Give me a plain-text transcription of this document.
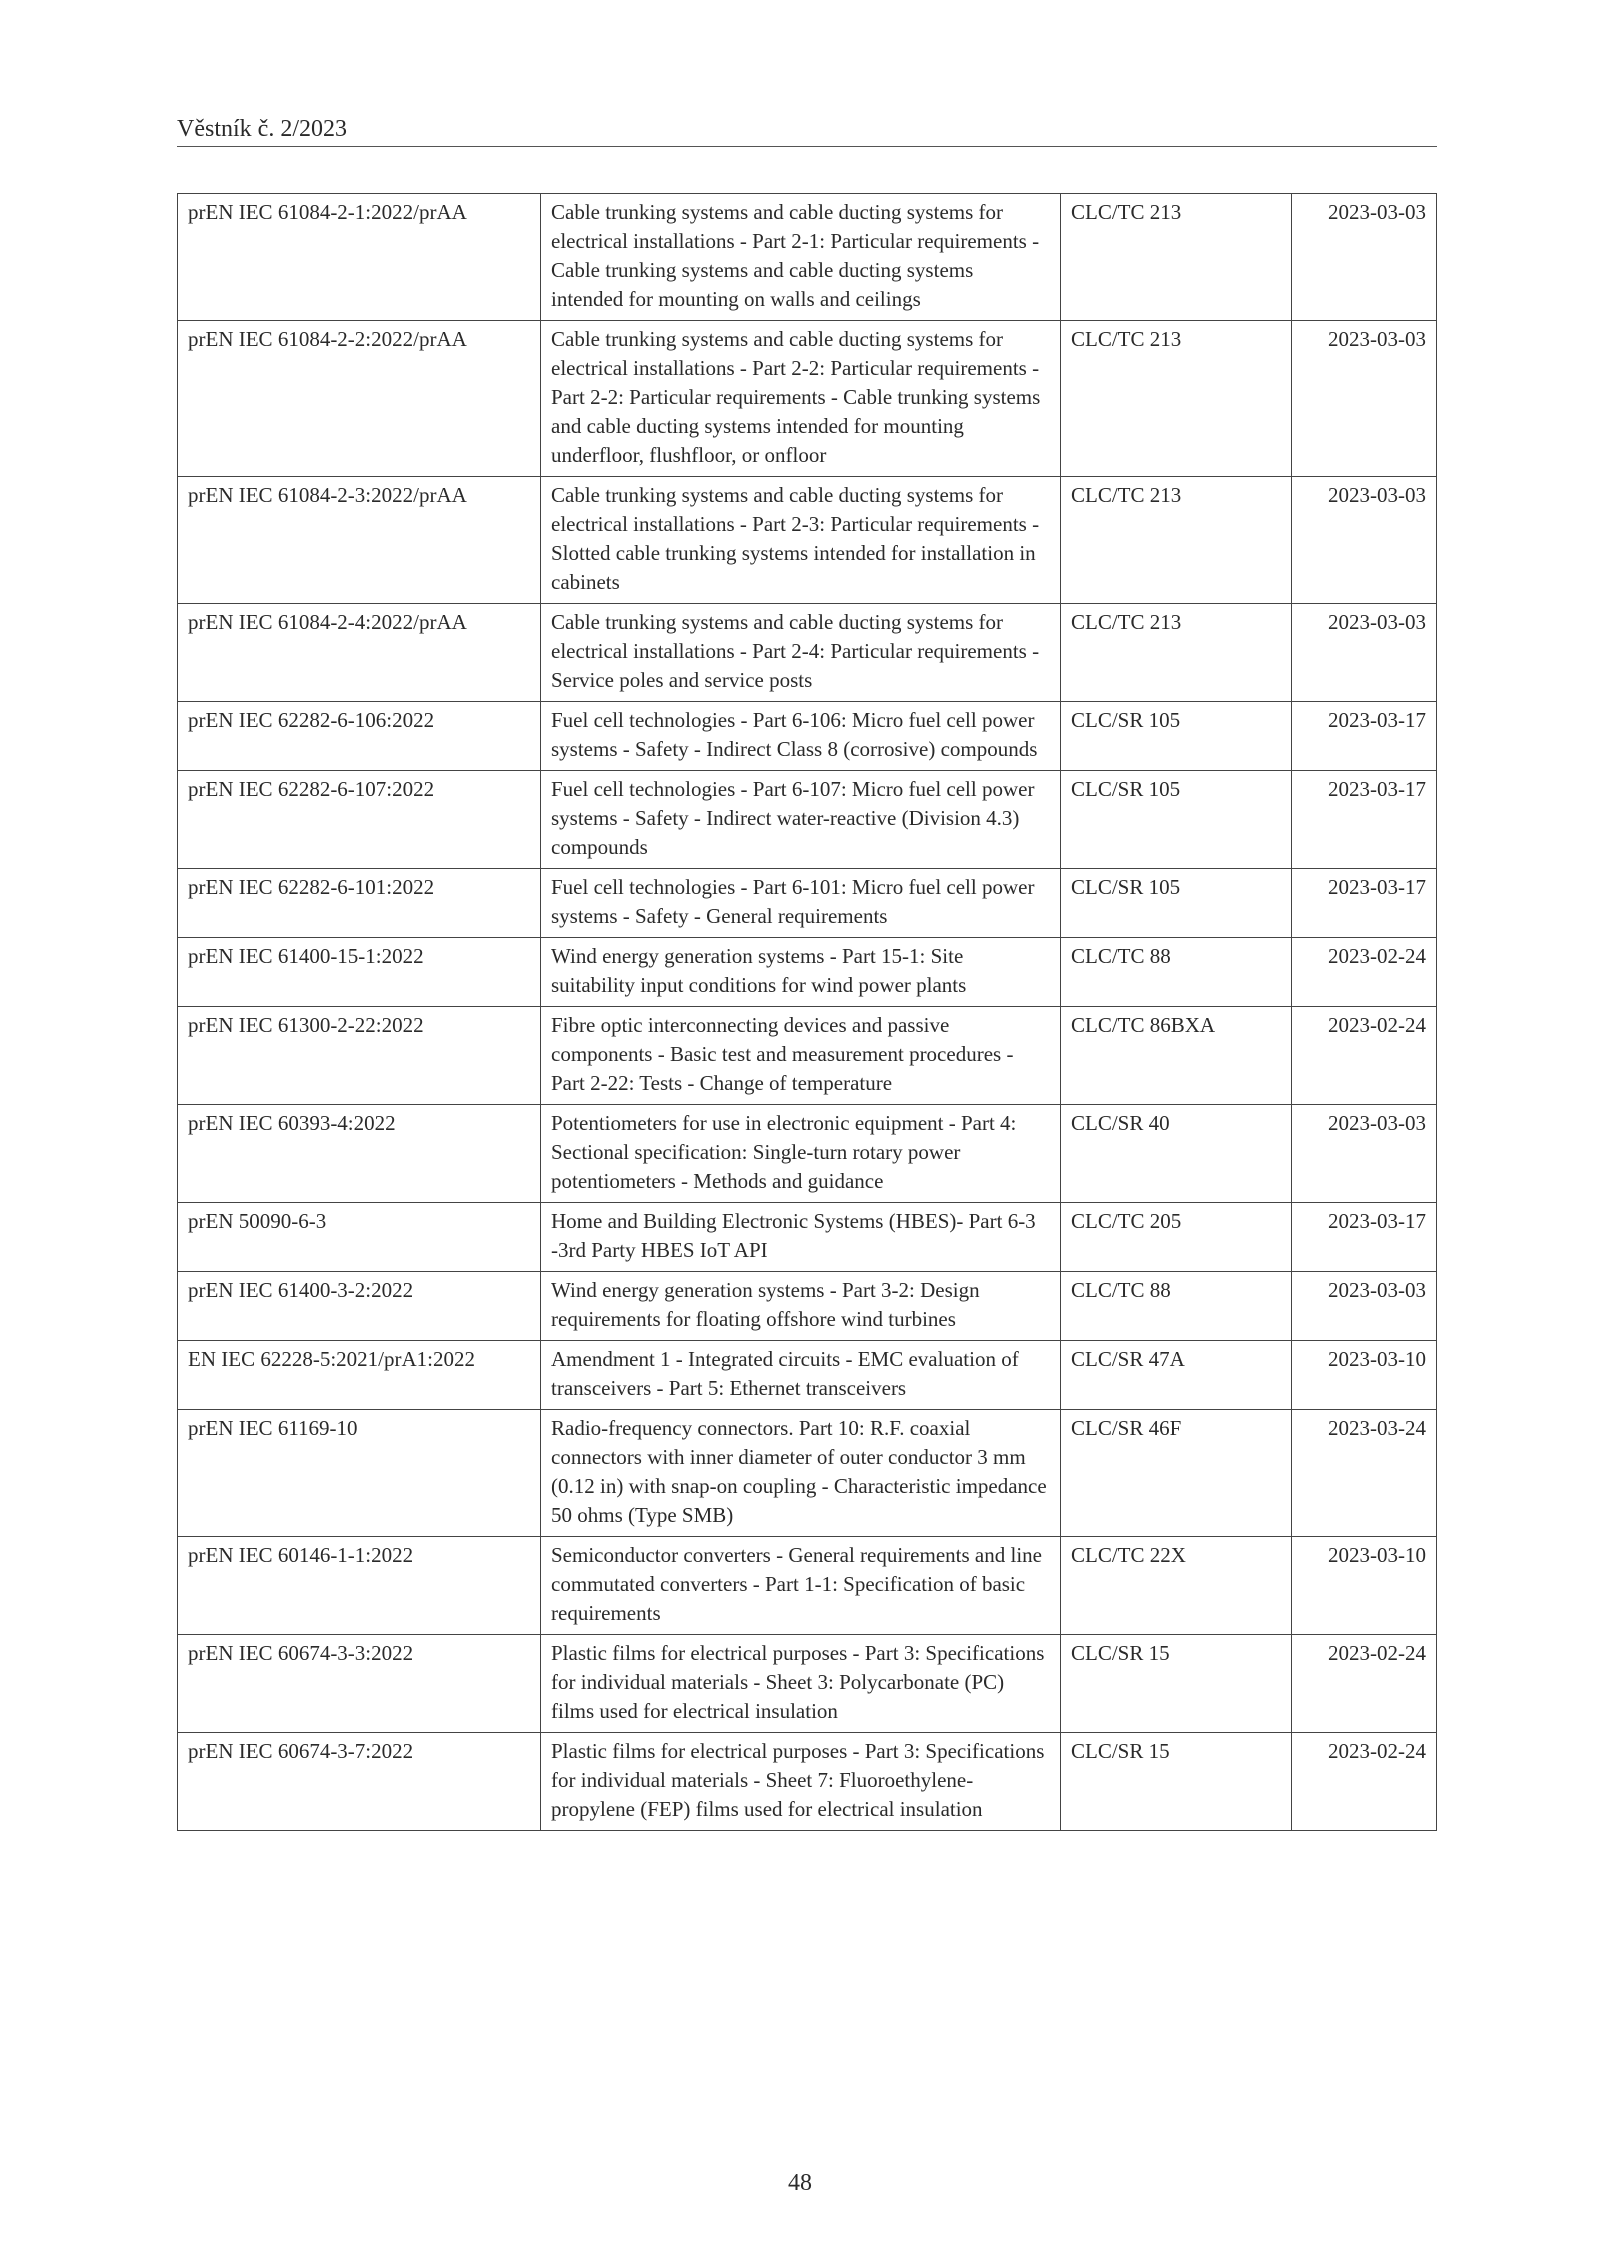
Věstník č. 2/2023
prEN IEC 61084-2-1:2022/prAA	Cable trunking systems and cable ducting systems for electrical installations - Part 2-1: Particular requirements - Cable trunking systems and cable ducting systems intended for mounting on walls and ceilings	CLC/TC 213	2023-03-03
prEN IEC 61084-2-2:2022/prAA	Cable trunking systems and cable ducting systems for electrical installations - Part 2-2: Particular requirements - Part 2-2: Particular requirements - Cable trunking systems and cable ducting systems intended for mounting underfloor, flushfloor, or onfloor	CLC/TC 213	2023-03-03
prEN IEC 61084-2-3:2022/prAA	Cable trunking systems and cable ducting systems for electrical installations - Part 2-3: Particular requirements - Slotted cable trunking systems intended for installation in cabinets	CLC/TC 213	2023-03-03
prEN IEC 61084-2-4:2022/prAA	Cable trunking systems and cable ducting systems for electrical installations - Part 2-4: Particular requirements - Service poles and service posts	CLC/TC 213	2023-03-03
prEN IEC 62282-6-106:2022	Fuel cell technologies - Part 6-106: Micro fuel cell power systems - Safety - Indirect Class 8 (corrosive) compounds	CLC/SR 105	2023-03-17
prEN IEC 62282-6-107:2022	Fuel cell technologies - Part 6-107: Micro fuel cell power systems - Safety - Indirect water-reactive (Division 4.3) compounds	CLC/SR 105	2023-03-17
prEN IEC 62282-6-101:2022	Fuel cell technologies - Part 6-101: Micro fuel cell power systems - Safety - General requirements	CLC/SR 105	2023-03-17
prEN IEC 61400-15-1:2022	Wind energy generation systems - Part 15-1: Site suitability input conditions for wind power plants	CLC/TC 88	2023-02-24
prEN IEC 61300-2-22:2022	Fibre optic interconnecting devices and passive components - Basic test and measurement procedures - Part 2-22: Tests - Change of temperature	CLC/TC 86BXA	2023-02-24
prEN IEC 60393-4:2022	Potentiometers for use in electronic equipment - Part 4: Sectional specification: Single-turn rotary power potentiometers - Methods and guidance	CLC/SR 40	2023-03-03
prEN 50090-6-3	Home and Building Electronic Systems (HBES)- Part 6-3 -3rd Party HBES IoT API	CLC/TC 205	2023-03-17
prEN IEC 61400-3-2:2022	Wind energy generation systems - Part 3-2: Design requirements for floating offshore wind turbines	CLC/TC 88	2023-03-03
EN IEC 62228-5:2021/prA1:2022	Amendment 1 - Integrated circuits - EMC evaluation of transceivers - Part 5: Ethernet transceivers	CLC/SR 47A	2023-03-10
prEN IEC 61169-10	Radio-frequency connectors. Part 10: R.F. coaxial connectors with inner diameter of outer conductor 3 mm (0.12 in) with snap-on coupling - Characteristic impedance 50 ohms (Type SMB)	CLC/SR 46F	2023-03-24
prEN IEC 60146-1-1:2022	Semiconductor converters - General requirements and line commutated converters - Part 1-1: Specification of basic requirements	CLC/TC 22X	2023-03-10
prEN IEC 60674-3-3:2022	Plastic films for electrical purposes - Part 3: Specifications for individual materials - Sheet 3: Polycarbonate (PC) films used for electrical insulation	CLC/SR 15	2023-02-24
prEN IEC 60674-3-7:2022	Plastic films for electrical purposes - Part 3: Specifications for individual materials - Sheet 7: Fluoroethylene-propylene (FEP) films used for electrical insulation	CLC/SR 15	2023-02-24
48
